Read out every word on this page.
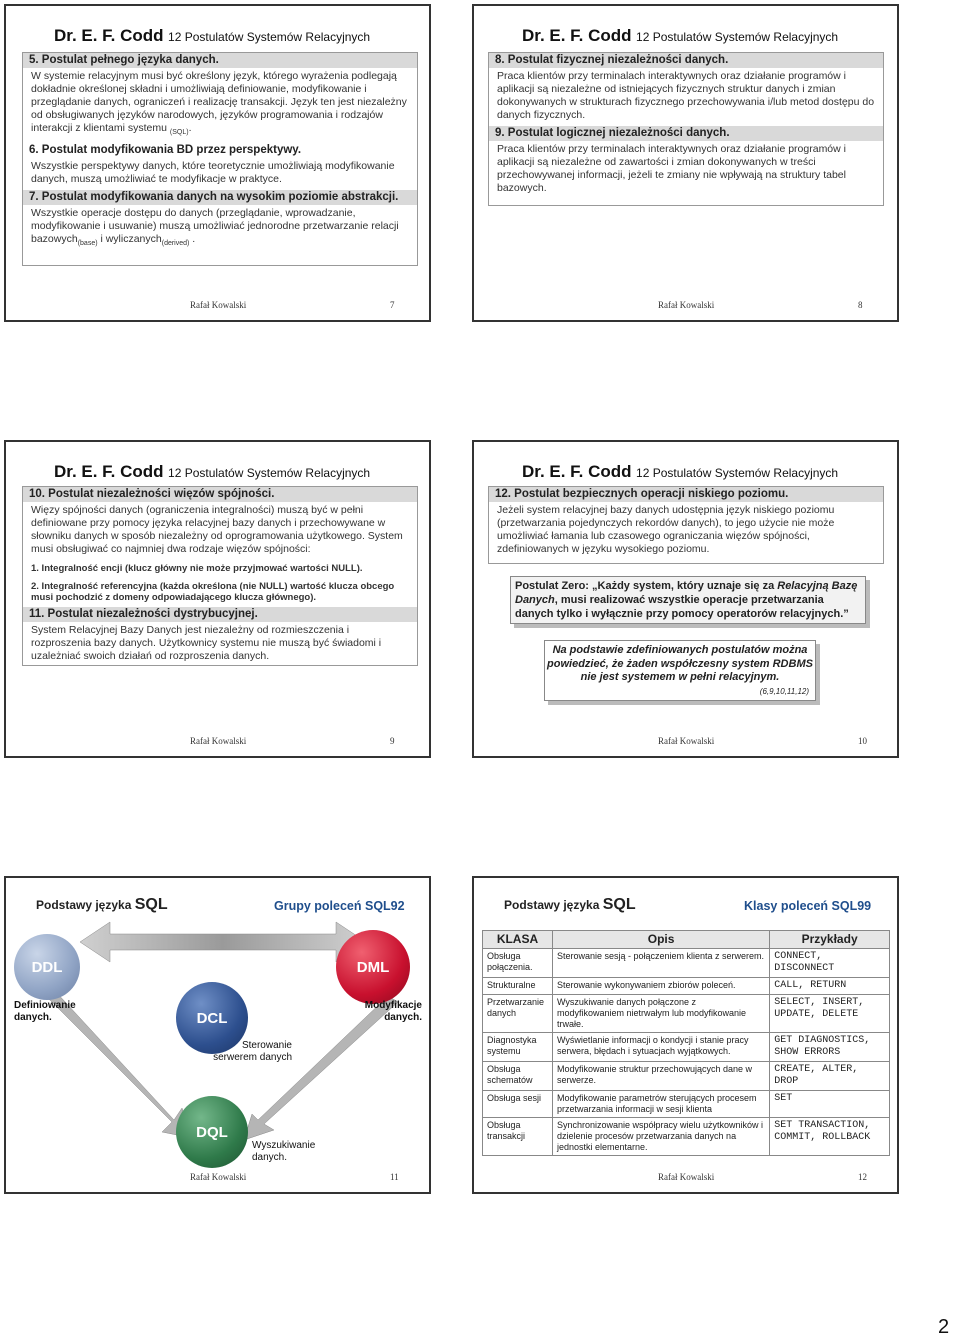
Dr. E. F. Codd 12 Postulatów Systemów Relacyjnych
5. Postulat pełnego języka danych.
W systemie relacyjnym musi być określony język, którego wyrażenia podlegają dokładnie określonej składni i umożliwiają definiowanie, modyfikowanie i przeglądanie danych, ograniczeń i realizację transakcji. Język ten jest niezależny od obsługiwanych języków narodowych, języków programowania i rodzajów interakcji z klientami systemu $_{(SQL)}$.
6. Postulat modyfikowania BD przez perspektywy.
Wszystkie perspektywy danych, które teoretycznie umożliwiają modyfikowanie danych, muszą umożliwiać te modyfikacje w praktyce.
7. Postulat modyfikowania danych na wysokim poziomie abstrakcji.
Wszystkie operacje dostępu do danych (przeglądanie, wprowadzanie, modyfikowanie i usuwanie) muszą umożliwiać jednorodne przetwarzanie relacji bazowych$_{(base)}$ i wyliczanych$_{(derived)}$ .
Rafał Kowalski	7
Dr. E. F. Codd 12 Postulatów Systemów Relacyjnych
8. Postulat fizycznej niezależności danych.
Praca klientów przy terminalach interaktywnych oraz działanie programów i aplikacji są niezależne od istniejących fizycznych struktur danych i zmian dokonywanych w strukturach fizycznego przechowywania i/lub metod dostępu do danych fizycznych.
9. Postulat logicznej niezależności danych.
Praca klientów przy terminalach interaktywnych oraz działanie programów i aplikacji są niezależne od zawartości i zmian dokonywanych w treści przechowywanej informacji, jeżeli te zmiany nie wpływają na struktury tabel bazowych.
Rafał Kowalski	8
Dr. E. F. Codd 12 Postulatów Systemów Relacyjnych
10. Postulat niezależności więzów spójności.
Więzy spójności danych (ograniczenia integralności) muszą być w pełni definiowane przy pomocy języka relacyjnej bazy danych i przechowywane w słowniku danych w sposób niezależny od oprogramowania użytkowego. System musi obsługiwać co najmniej dwa rodzaje więzów spójności:
1. Integralność encji (klucz główny nie może przyjmować wartości NULL).
2. Integralność referencyjna (każda określona (nie NULL) wartość klucza obcego musi pochodzić z domeny odpowiadającego klucza głównego).
11. Postulat niezależności dystrybucyjnej.
System Relacyjnej Bazy Danych jest niezależny od rozmieszczenia i rozproszenia bazy danych. Użytkownicy systemu nie muszą być świadomi i uzależniać swoich działań od rozproszenia danych.
Rafał Kowalski	9
Dr. E. F. Codd 12 Postulatów Systemów Relacyjnych
12. Postulat bezpiecznych operacji niskiego poziomu.
Jeżeli system relacyjnej bazy danych udostępnia język niskiego poziomu (przetwarzania pojedynczych rekordów danych), to jego użycie nie może umożliwiać łamania lub czasowego ograniczania więzów spójności, zdefiniowanych w języku wysokiego poziomu.
Postulat Zero: „Każdy system, który uznaje się za Relacyjną Bazę Danych, musi realizować wszystkie operacje przetwarzania danych tylko i wyłącznie przy pomocy operatorów relacyjnych.”
Na podstawie zdefiniowanych postulatów można powiedzieć, że żaden współczesny system RDBMS nie jest systemem w pełni relacyjnym.
(6,9,10,11,12)
Rafał Kowalski	10
Podstawy języka SQL	Grupy poleceń SQL92
DDL	DML
DCL
DQL
Definiowanie danych.
Modyfikacje danych.
Sterowanie serwerem danych
Wyszukiwanie danych.
Rafał Kowalski	11
Podstawy języka SQL	Klasy poleceń SQL99
KLASA	Opis	Przykłady
Obsługa połączenia.	Sterowanie sesją - połączeniem klienta z serwerem.	CONNECT, DISCONNECT
Strukturalne	Sterowanie wykonywaniem zbiorów poleceń.	CALL, RETURN
Przetwarzanie danych	Wyszukiwanie danych połączone z modyfikowaniem nietrwałym lub modyfikowanie trwałe.	SELECT, INSERT, UPDATE, DELETE
Diagnostyka systemu	Wyświetlanie informacji o kondycji i stanie pracy serwera, błędach i sytuacjach wyjątkowych.	GET DIAGNOSTICS, SHOW ERRORS
Obsługa schematów	Modyfikowanie struktur przechowujących dane w serwerze.	CREATE, ALTER, DROP
Obsługa sesji	Modyfikowanie parametrów sterujących procesem przetwarzania informacji w sesji klienta	SET
Obsługa transakcji	Synchronizowanie współpracy wielu użytkowników i dzielenie procesów przetwarzania danych na jednostki elementarne.	SET TRANSACTION, COMMIT, ROLLBACK
Rafał Kowalski	12
2
